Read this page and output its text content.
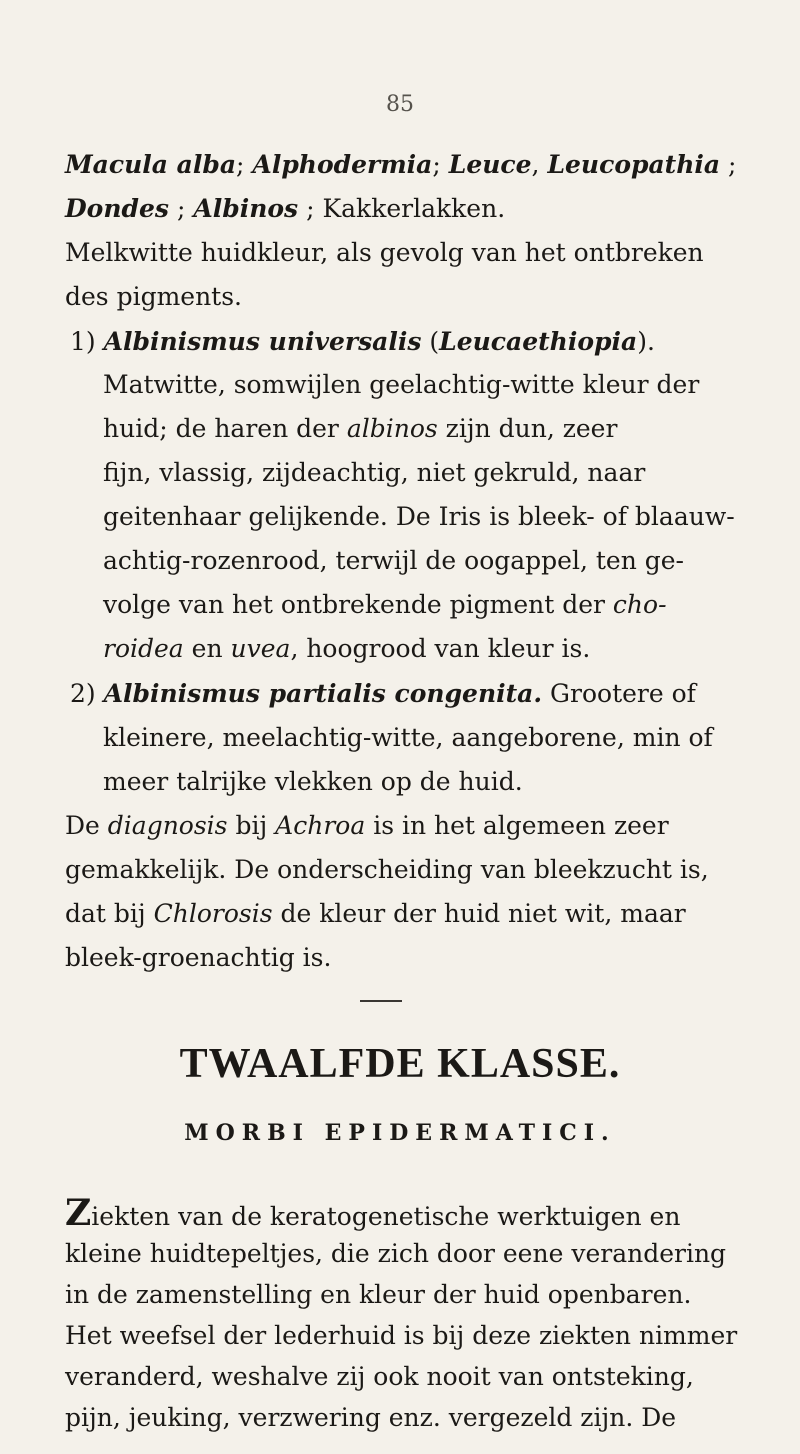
85
Macula alba; Alphodermia; Leuce, Leucopathia ;
Dondes ; Albinos ; Kakkerlakken.
Melkwitte huidkleur, als gevolg van het ontbreken
des pigments.
1) Albinismus universalis (Leucaethiopia).
Matwitte, somwijlen geelachtig-witte kleur der
huid; de haren der albinos zijn dun, zeer
fijn, vlassig, zijdeachtig, niet gekruld, naar
geitenhaar gelijkende. De Iris is bleek- of blaauw-
achtig-rozenrood, terwijl de oogappel, ten ge-
volge van het ontbrekende pigment der cho-
roidea en uvea, hoogrood van kleur is.
2) Albinismus partialis congenita. Grootere of
kleinere, meelachtig-witte, aangeborene, min of
meer talrijke vlekken op de huid.
De diagnosis bij Achroa is in het algemeen zeer
gemakkelijk. De onderscheiding van bleekzucht is,
dat bij Chlorosis de kleur der huid niet wit, maar
bleek-groenachtig is.
TWAALFDE KLASSE.
MORBI EPIDERMATICI.
Ziekten van de keratogenetische werktuigen en
kleine huidtepeltjes, die zich door eene verandering
in de zamenstelling en kleur der huid openbaren.
Het weefsel der lederhuid is bij deze ziekten nimmer
veranderd, weshalve zij ook nooit van ontsteking,
pijn, jeuking, verzwering enz. vergezeld zijn. De
